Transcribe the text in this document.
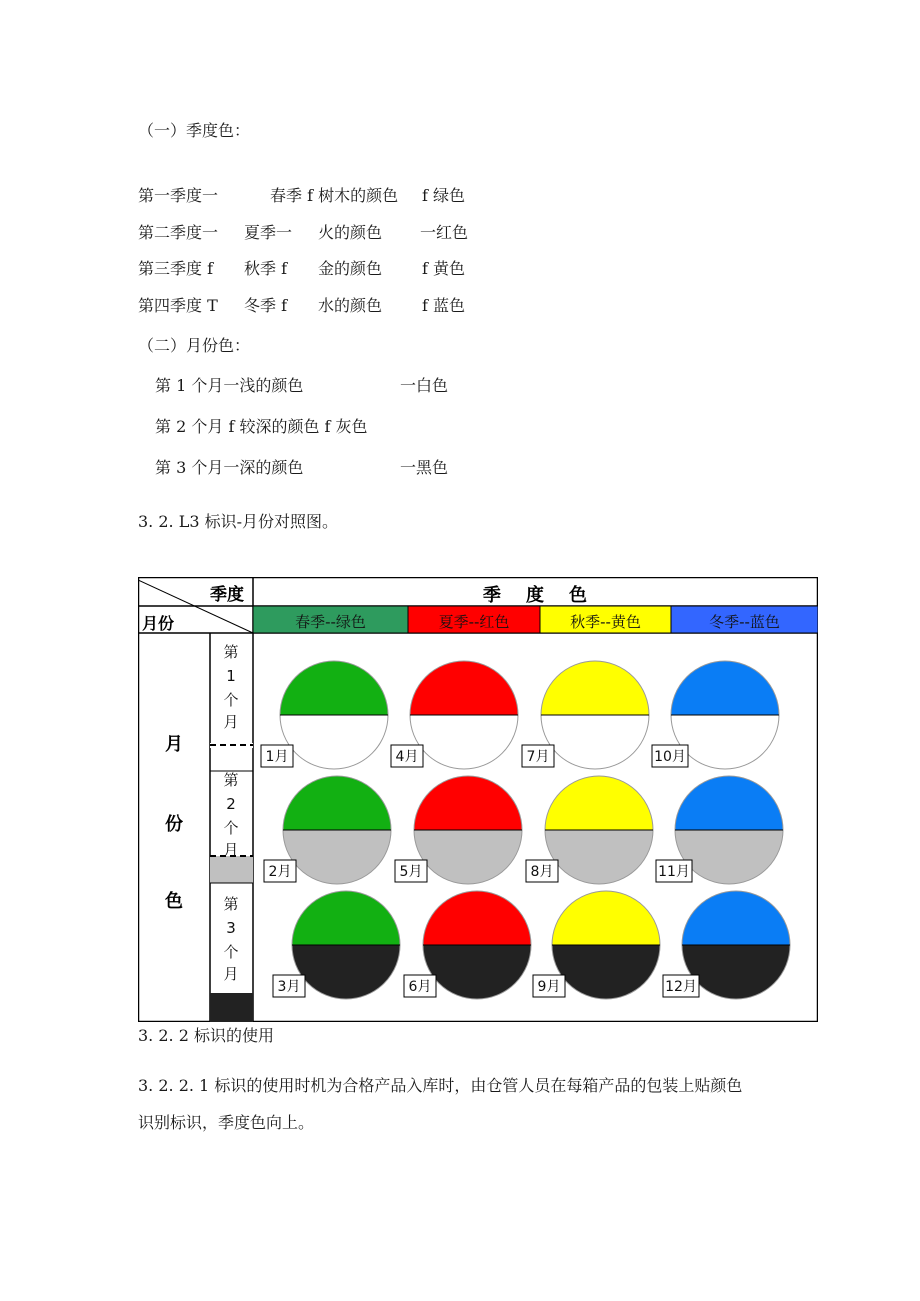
（一）季度色：
第一季度一	春季 f 树木的颜色 f 绿色
第二季度一 夏季一 火的颜色 一红色
第三季度 f 秋季 f 金的颜色 f 黄色
第四季度 T 冬季 f 水的颜色 f 蓝色
（二）月份色：
第 1 个月一浅的颜色	一白色
第 2 个月 f 较深的颜色 f 灰色
第 3 个月一深的颜色	一黑色
3. 2. L3 标识-月份对照图。
季度
月份
季    度    色
春季--绿色	夏季--红色	秋季--黄色	冬季--蓝色
月
份
色
第
1
个
月
第
2
个
月
第
3
个
月
1月	4月	7月	10月
2月	5月	8月	11月
3月	6月	9月	12月
3. 2. 2 标识的使用
3. 2. 2. 1 标识的使用时机为合格产品入库时，由仓管人员在每箱产品的包装上贴颜色
识别标识，季度色向上。
